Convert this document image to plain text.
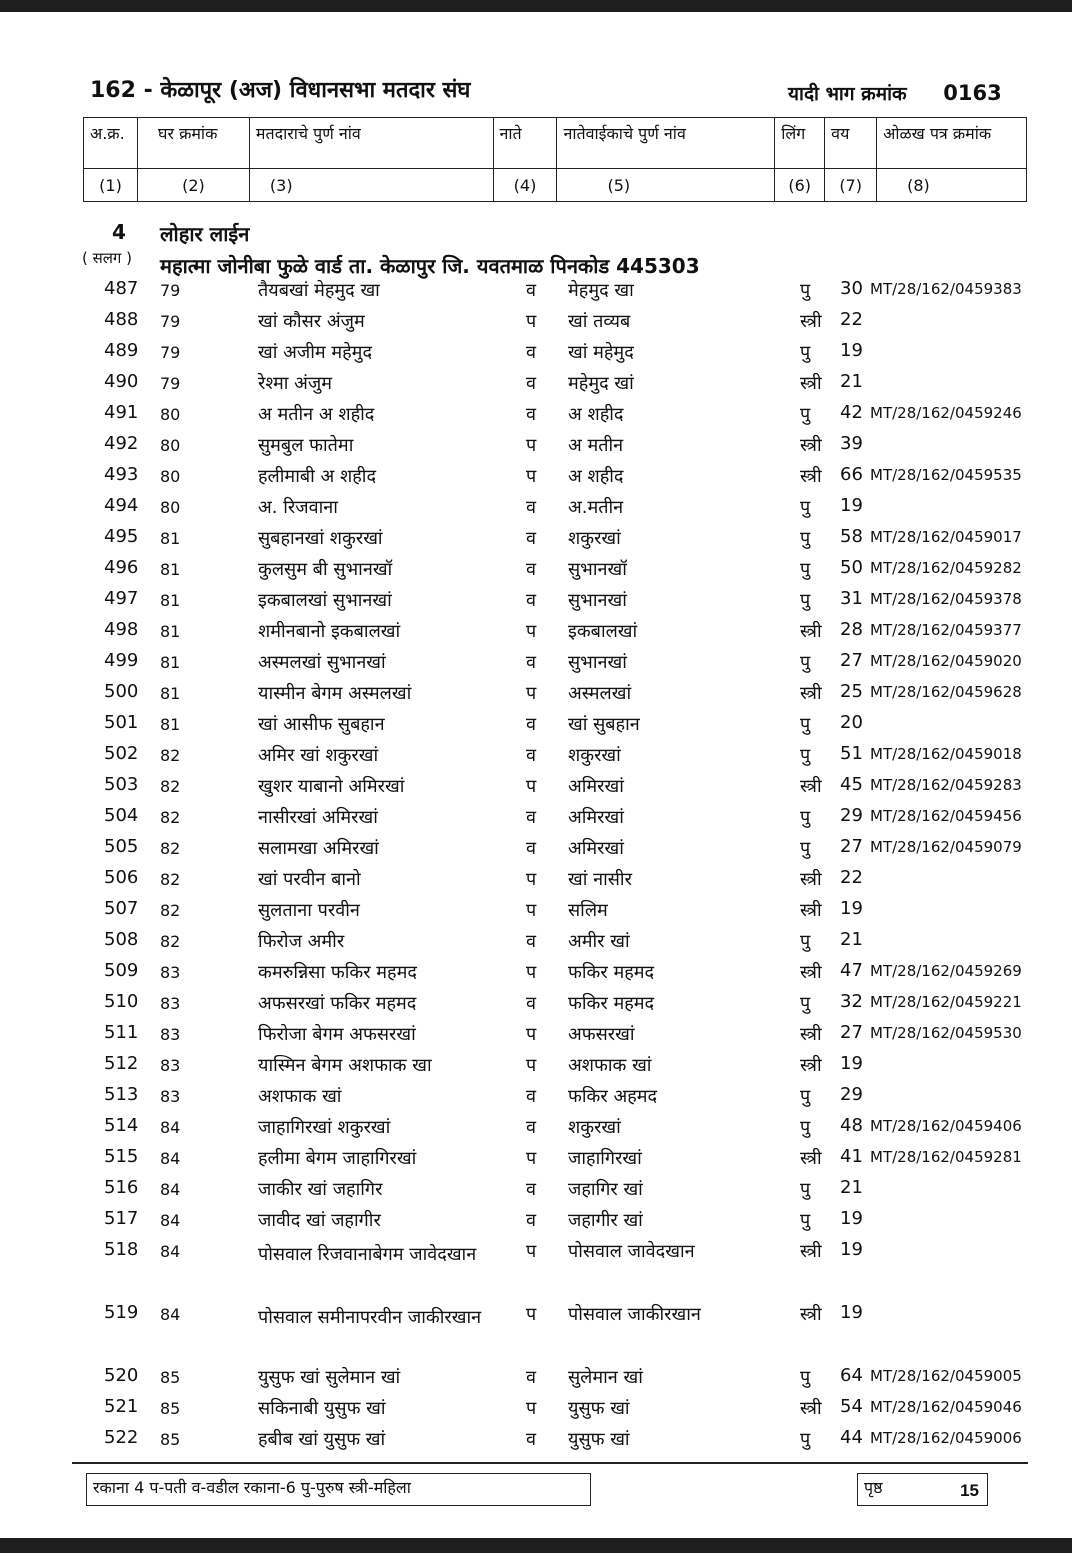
162 - केळापूर (अज) विधानसभा मतदार संघ	यादी भाग क्रमांक 0163
अ.क्र.	घर क्रमांक	मतदाराचे पुर्ण नांव	नाते	नातेवाईकाचे पुर्ण नांव	लिंग	वय	ओळख पत्र क्रमांक
(1)	(2)	(3)	(4)	(5)	(6)	(7)	(8)
4 लोहार लाईन
( सलग ) महात्मा जोनीबा फुळे वार्ड ता. केळापुर जि. यवतमाळ पिनकोड 445303
487	79	तैयबखां मेहमुद खा	व मेहमुद खा	पु 30 MT/28/162/0459383
488	79	खां कौसर अंजुम	प खां तव्यब	स्त्री 22
489	79	खां अजीम महेमुद	व खां महेमुद	पु 19
490	79	रेश्मा अंजुम	व महेमुद खां	स्त्री 21
491	80	अ मतीन अ शहीद	व अ शहीद	पु 42 MT/28/162/0459246
492	80	सुमबुल फातेमा	प अ मतीन	स्त्री 39
493	80	हलीमाबी अ शहीद	प अ शहीद	स्त्री 66 MT/28/162/0459535
494	80	अ. रिजवाना	व अ.मतीन	पु 19
495	81	सुबहानखां शकुरखां	व शकुरखां	पु 58 MT/28/162/0459017
496	81	कुलसुम बी सुभानखॉ	व सुभानखॉ	पु 50 MT/28/162/0459282
497	81	इकबालखां सुभानखां	व सुभानखां	पु 31 MT/28/162/0459378
498	81	शमीनबानो इकबालखां	प इकबालखां	स्त्री 28 MT/28/162/0459377
499	81	अस्मलखां सुभानखां	व सुभानखां	पु 27 MT/28/162/0459020
500	81	यास्मीन बेगम अस्मलखां	प अस्मलखां	स्त्री 25 MT/28/162/0459628
501	81	खां आसीफ सुबहान	व खां सुबहान	पु 20
502	82	अमिर खां शकुरखां	व शकुरखां	पु 51 MT/28/162/0459018
503	82	खुशर याबानो अमिरखां	प अमिरखां	स्त्री 45 MT/28/162/0459283
504	82	नासीरखां अमिरखां	व अमिरखां	पु 29 MT/28/162/0459456
505	82	सलामखा अमिरखां	व अमिरखां	पु 27 MT/28/162/0459079
506	82	खां परवीन बानो	प खां नासीर	स्त्री 22
507	82	सुलताना परवीन	प सलिम	स्त्री 19
508	82	फिरोज अमीर	व अमीर खां	पु 21
509	83	कमरुन्निसा फकिर महमद	प फकिर महमद	स्त्री 47 MT/28/162/0459269
510	83	अफसरखां फकिर महमद	व फकिर महमद	पु 32 MT/28/162/0459221
511	83	फिरोजा बेगम अफसरखां	प अफसरखां	स्त्री 27 MT/28/162/0459530
512	83	यास्मिन बेगम अशफाक खा	प अशफाक खां	स्त्री 19
513	83	अशफाक खां	व फकिर अहमद	पु 29
514	84	जाहागिरखां शकुरखां	व शकुरखां	पु 48 MT/28/162/0459406
515	84	हलीमा बेगम जाहागिरखां	प जाहागिरखां	स्त्री 41 MT/28/162/0459281
516	84	जाकीर खां जहागिर	व जहागिर खां	पु 21
517	84	जावीद खां जहागीर	व जहागीर खां	पु 19
518	84	पोसवाल रिजवानाबेगम जावेदखान	प पोसवाल जावेदखान	स्त्री 19
519	84	पोसवाल समीनापरवीन जाकीरखान	प पोसवाल जाकीरखान	स्त्री 19
520	85	युसुफ खां सुलेमान खां	व सुलेमान खां	पु 64 MT/28/162/0459005
521	85	सकिनाबी युसुफ खां	प युसुफ खां	स्त्री 54 MT/28/162/0459046
522	85	हबीब खां युसुफ खां	व युसुफ खां	पु 44 MT/28/162/0459006
रकाना 4 प-पती व-वडील रकाना-6 पु-पुरुष स्त्री-महिला	पृष्ठ	15
